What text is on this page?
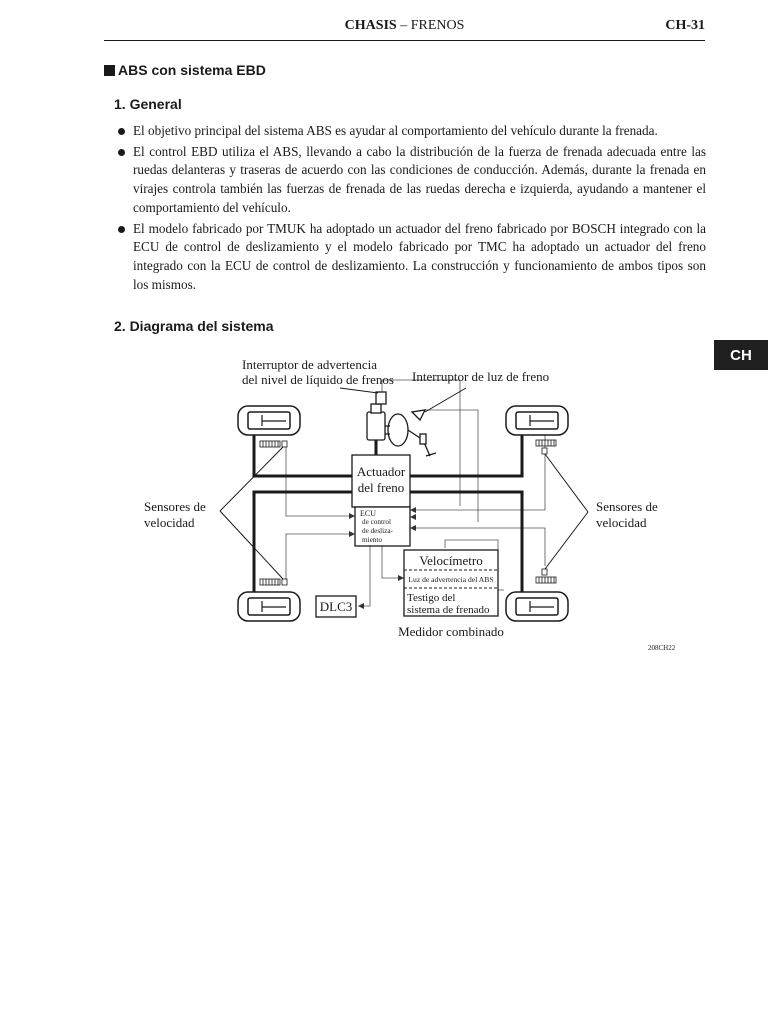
CHASIS – FRENOS	CH-31
ABS con sistema EBD
1. General
El objetivo principal del sistema ABS es ayudar al comportamiento del vehículo durante la frenada.
El control EBD utiliza el ABS, llevando a cabo la distribución de la fuerza de frenada adecuada entre las ruedas delanteras y traseras de acuerdo con las condiciones de conducción. Además, durante la frenada en virajes controla también las fuerzas de frenada de las ruedas derecha e izquierda, ayudando a mantener el comportamiento del vehículo.
El modelo fabricado por TMUK ha adoptado un actuador del freno fabricado por BOSCH integrado con la ECU de control de deslizamiento y el modelo fabricado por TMC ha adoptado un actuador del freno integrado con la ECU de control de deslizamiento. La construcción y funcionamiento de ambos tipos son los mismos.
2. Diagrama del sistema
CH
Interruptor de advertencia
del nivel de líquido de frenos Interruptor de luz de freno
Actuador
del freno
ECU
de control
de desliza-
miento
Sensores de
velocidad
Sensores de
velocidad
Velocímetro
Luz de advertencia del ABS
Testigo del
sistema de frenado
DLC3
Medidor combinado
208CH22
